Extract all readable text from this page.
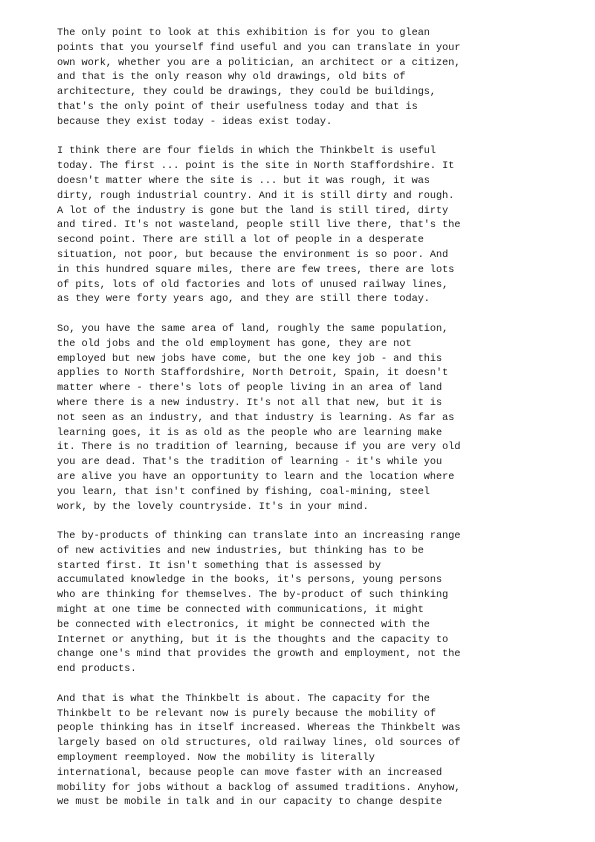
The only point to look at this exhibition is for you to glean
points that you yourself find useful and you can translate in your
own work, whether you are a politician, an architect or a citizen,
and that is the only reason why old drawings, old bits of
architecture, they could be drawings, they could be buildings,
that's the only point of their usefulness today and that is
because they exist today - ideas exist today.
I think there are four fields in which the Thinkbelt is useful
today. The first ... point is the site in North Staffordshire. It
doesn't matter where the site is ... but it was rough, it was
dirty, rough industrial country. And it is still dirty and rough.
A lot of the industry is gone but the land is still tired, dirty
and tired. It's not wasteland, people still live there, that's the
second point. There are still a lot of people in a desperate
situation, not poor, but because the environment is so poor. And
in this hundred square miles, there are few trees, there are lots
of pits, lots of old factories and lots of unused railway lines,
as they were forty years ago, and they are still there today.
So, you have the same area of land, roughly the same population,
the old jobs and the old employment has gone, they are not
employed but new jobs have come, but the one key job - and this
applies to North Staffordshire, North Detroit, Spain, it doesn't
matter where - there's lots of people living in an area of land
where there is a new industry. It's not all that new, but it is
not seen as an industry, and that industry is learning. As far as
learning goes, it is as old as the people who are learning make
it. There is no tradition of learning, because if you are very old
you are dead. That's the tradition of learning - it's while you
are alive you have an opportunity to learn and the location where
you learn, that isn't confined by fishing, coal-mining, steel
work, by the lovely countryside. It's in your mind.
The by-products of thinking can translate into an increasing range
of new activities and new industries, but thinking has to be
started first. It isn't something that is assessed by
accumulated knowledge in the books, it's persons, young persons
who are thinking for themselves. The by-product of such thinking
might at one time be connected with communications, it might
be connected with electronics, it might be connected with the
Internet or anything, but it is the thoughts and the capacity to
change one's mind that provides the growth and employment, not the
end products.
And that is what the Thinkbelt is about. The capacity for the
Thinkbelt to be relevant now is purely because the mobility of
people thinking has in itself increased. Whereas the Thinkbelt was
largely based on old structures, old railway lines, old sources of
employment reemployed. Now the mobility is literally
international, because people can move faster with an increased
mobility for jobs without a backlog of assumed traditions. Anyhow,
we must be mobile in talk and in our capacity to change despite
